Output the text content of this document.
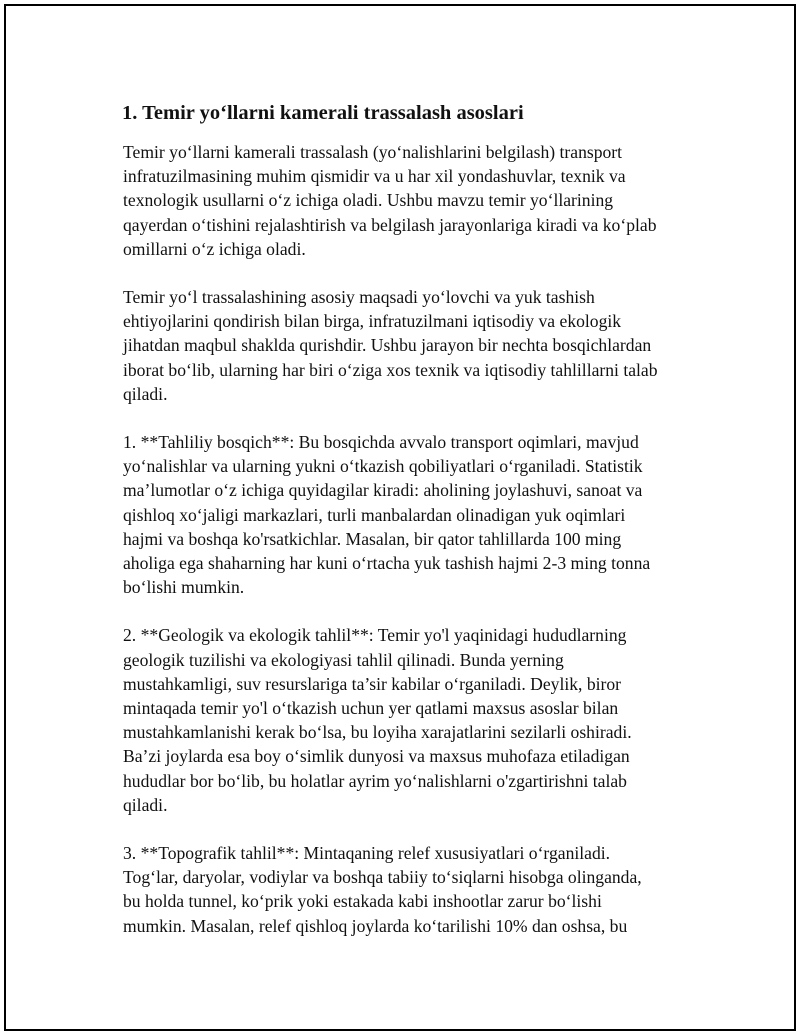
1. Temir yo‘llarni kamerali trassalash asoslari
Temir yo‘llarni kamerali trassalash (yo‘nalishlarini belgilash) transport
infratuzilmasining muhim qismidir va u har xil yondashuvlar, texnik va
texnologik usullarni o‘z ichiga oladi. Ushbu mavzu temir yo‘llarining
qayerdan o‘tishini rejalashtirish va belgilash jarayonlariga kiradi va ko‘plab
omillarni o‘z ichiga oladi.
Temir yo‘l trassalashining asosiy maqsadi yo‘lovchi va yuk tashish
ehtiyojlarini qondirish bilan birga, infratuzilmani iqtisodiy va ekologik
jihatdan maqbul shaklda qurishdir. Ushbu jarayon bir nechta bosqichlardan
iborat bo‘lib, ularning har biri o‘ziga xos texnik va iqtisodiy tahlillarni talab
qiladi.
1. **Tahliliy bosqich**: Bu bosqichda avvalo transport oqimlari, mavjud
yo‘nalishlar va ularning yukni o‘tkazish qobiliyatlari o‘rganiladi. Statistik
ma’lumotlar o‘z ichiga quyidagilar kiradi: aholining joylashuvi, sanoat va
qishloq xo‘jaligi markazlari, turli manbalardan olinadigan yuk oqimlari
hajmi va boshqa ko'rsatkichlar. Masalan, bir qator tahlillarda 100 ming
aholiga ega shaharning har kuni o‘rtacha yuk tashish hajmi 2-3 ming tonna
bo‘lishi mumkin.
2. **Geologik va ekologik tahlil**: Temir yo'l yaqinidagi hududlarning
geologik tuzilishi va ekologiyasi tahlil qilinadi. Bunda yerning
mustahkamligi, suv resurslariga ta’sir kabilar o‘rganiladi. Deylik, biror
mintaqada temir yo'l o‘tkazish uchun yer qatlami maxsus asoslar bilan
mustahkamlanishi kerak bo‘lsa, bu loyiha xarajatlarini sezilarli oshiradi.
Ba’zi joylarda esa boy o‘simlik dunyosi va maxsus muhofaza etiladigan
hududlar bor bo‘lib, bu holatlar ayrim yo‘nalishlarni o'zgartirishni talab
qiladi.
3. **Topografik tahlil**: Mintaqaning relef xususiyatlari o‘rganiladi.
Tog‘lar, daryolar, vodiylar va boshqa tabiiy to‘siqlarni hisobga olinganda,
bu holda tunnel, ko‘prik yoki estakada kabi inshootlar zarur bo‘lishi
mumkin. Masalan, relef qishloq joylarda ko‘tarilishi 10% dan oshsa, bu
